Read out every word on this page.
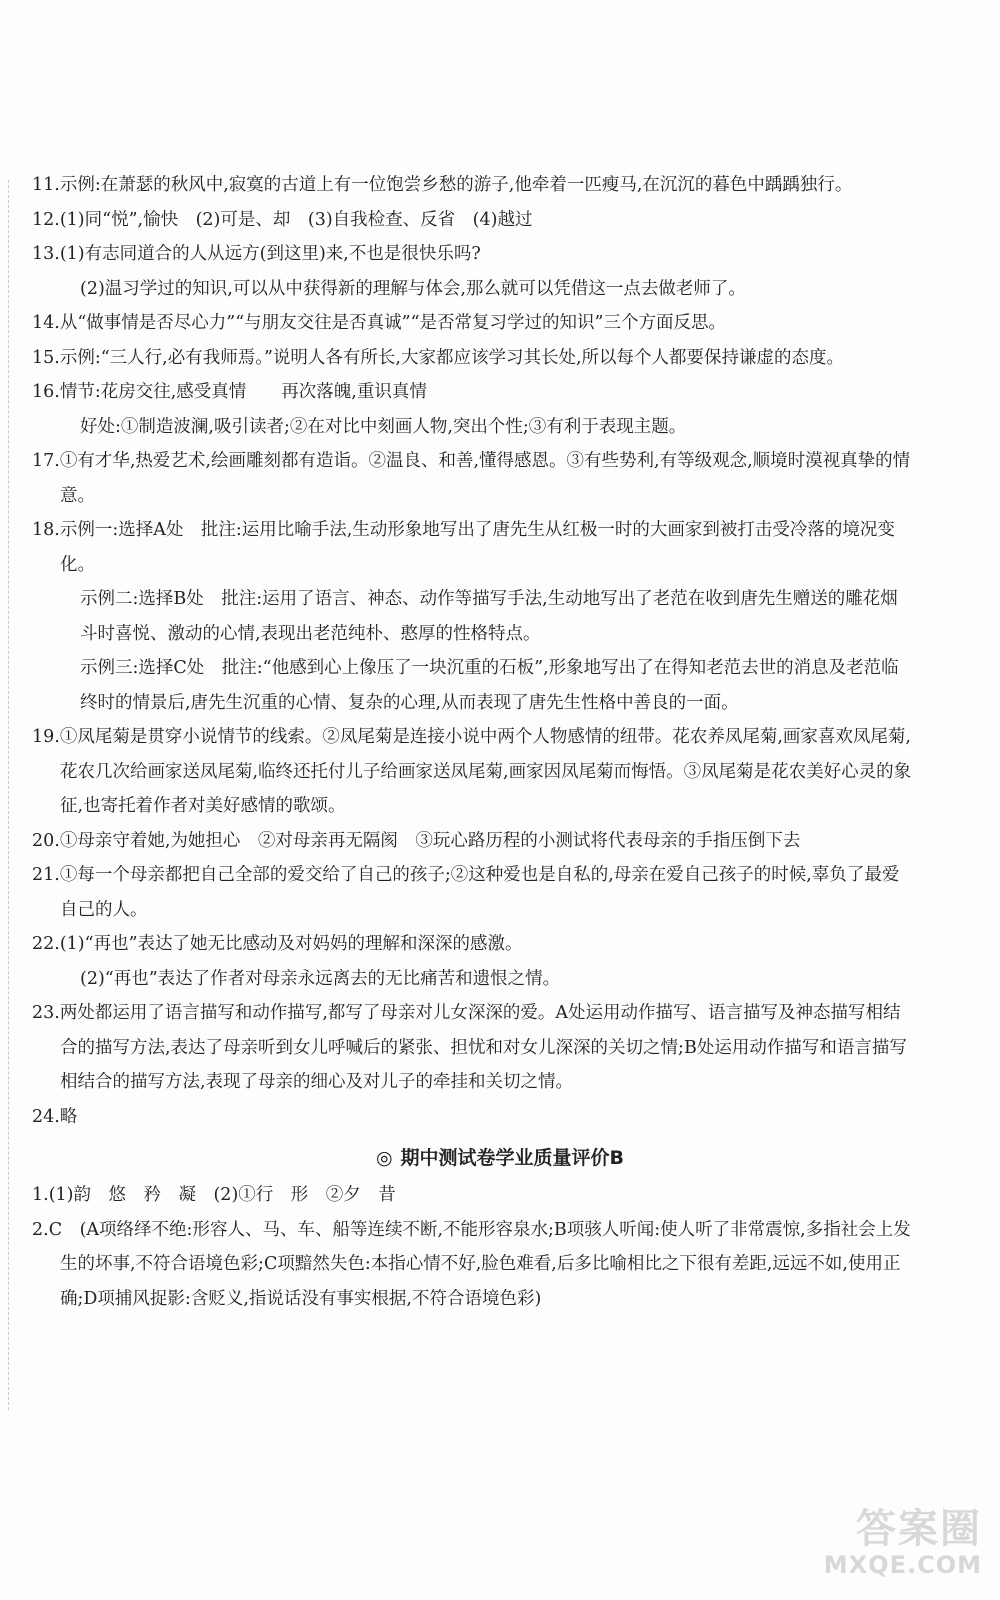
11.示例:在萧瑟的秋风中,寂寞的古道上有一位饱尝乡愁的游子,他牵着一匹瘦马,在沉沉的暮色中踽踽独行。
12.(1)同“悦”,愉快　(2)可是、却　(3)自我检查、反省　(4)越过
13.(1)有志同道合的人从远方(到这里)来,不也是很快乐吗?
(2)温习学过的知识,可以从中获得新的理解与体会,那么就可以凭借这一点去做老师了。
14.从“做事情是否尽心力”“与朋友交往是否真诚”“是否常复习学过的知识”三个方面反思。
15.示例:“三人行,必有我师焉。”说明人各有所长,大家都应该学习其长处,所以每个人都要保持谦虚的态度。
16.情节:花房交往,感受真情　　再次落魄,重识真情
好处:①制造波澜,吸引读者;②在对比中刻画人物,突出个性;③有利于表现主题。
17.①有才华,热爱艺术,绘画雕刻都有造诣。②温良、和善,懂得感恩。③有些势利,有等级观念,顺境时漠视真挚的情意。
18.示例一:选择A处　批注:运用比喻手法,生动形象地写出了唐先生从红极一时的大画家到被打击受冷落的境况变化。
示例二:选择B处　批注:运用了语言、神态、动作等描写手法,生动地写出了老范在收到唐先生赠送的雕花烟斗时喜悦、激动的心情,表现出老范纯朴、憨厚的性格特点。
示例三:选择C处　批注:“他感到心上像压了一块沉重的石板”,形象地写出了在得知老范去世的消息及老范临终时的情景后,唐先生沉重的心情、复杂的心理,从而表现了唐先生性格中善良的一面。
19.①凤尾菊是贯穿小说情节的线索。②凤尾菊是连接小说中两个人物感情的纽带。花农养凤尾菊,画家喜欢凤尾菊,花农几次给画家送凤尾菊,临终还托付儿子给画家送凤尾菊,画家因凤尾菊而悔悟。③凤尾菊是花农美好心灵的象征,也寄托着作者对美好感情的歌颂。
20.①母亲守着她,为她担心　②对母亲再无隔阂　③玩心路历程的小测试将代表母亲的手指压倒下去
21.①每一个母亲都把自己全部的爱交给了自己的孩子;②这种爱也是自私的,母亲在爱自己孩子的时候,辜负了最爱自己的人。
22.(1)“再也”表达了她无比感动及对妈妈的理解和深深的感激。
(2)“再也”表达了作者对母亲永远离去的无比痛苦和遗恨之情。
23.两处都运用了语言描写和动作描写,都写了母亲对儿女深深的爱。A处运用动作描写、语言描写及神态描写相结合的描写方法,表达了母亲听到女儿呼喊后的紧张、担忧和对女儿深深的关切之情;B处运用动作描写和语言描写相结合的描写方法,表现了母亲的细心及对儿子的牵挂和关切之情。
24.略
◎ 期中测试卷学业质量评价B
1.(1)韵　悠　矜　凝　(2)①行　形　②夕　昔
2.C　(A项络绎不绝:形容人、马、车、船等连续不断,不能形容泉水;B项骇人听闻:使人听了非常震惊,多指社会上发生的坏事,不符合语境色彩;C项黯然失色:本指心情不好,脸色难看,后多比喻相比之下很有差距,远远不如,使用正确;D项捕风捉影:含贬义,指说话没有事实根据,不符合语境色彩)
答案圈
MXQE.COM
